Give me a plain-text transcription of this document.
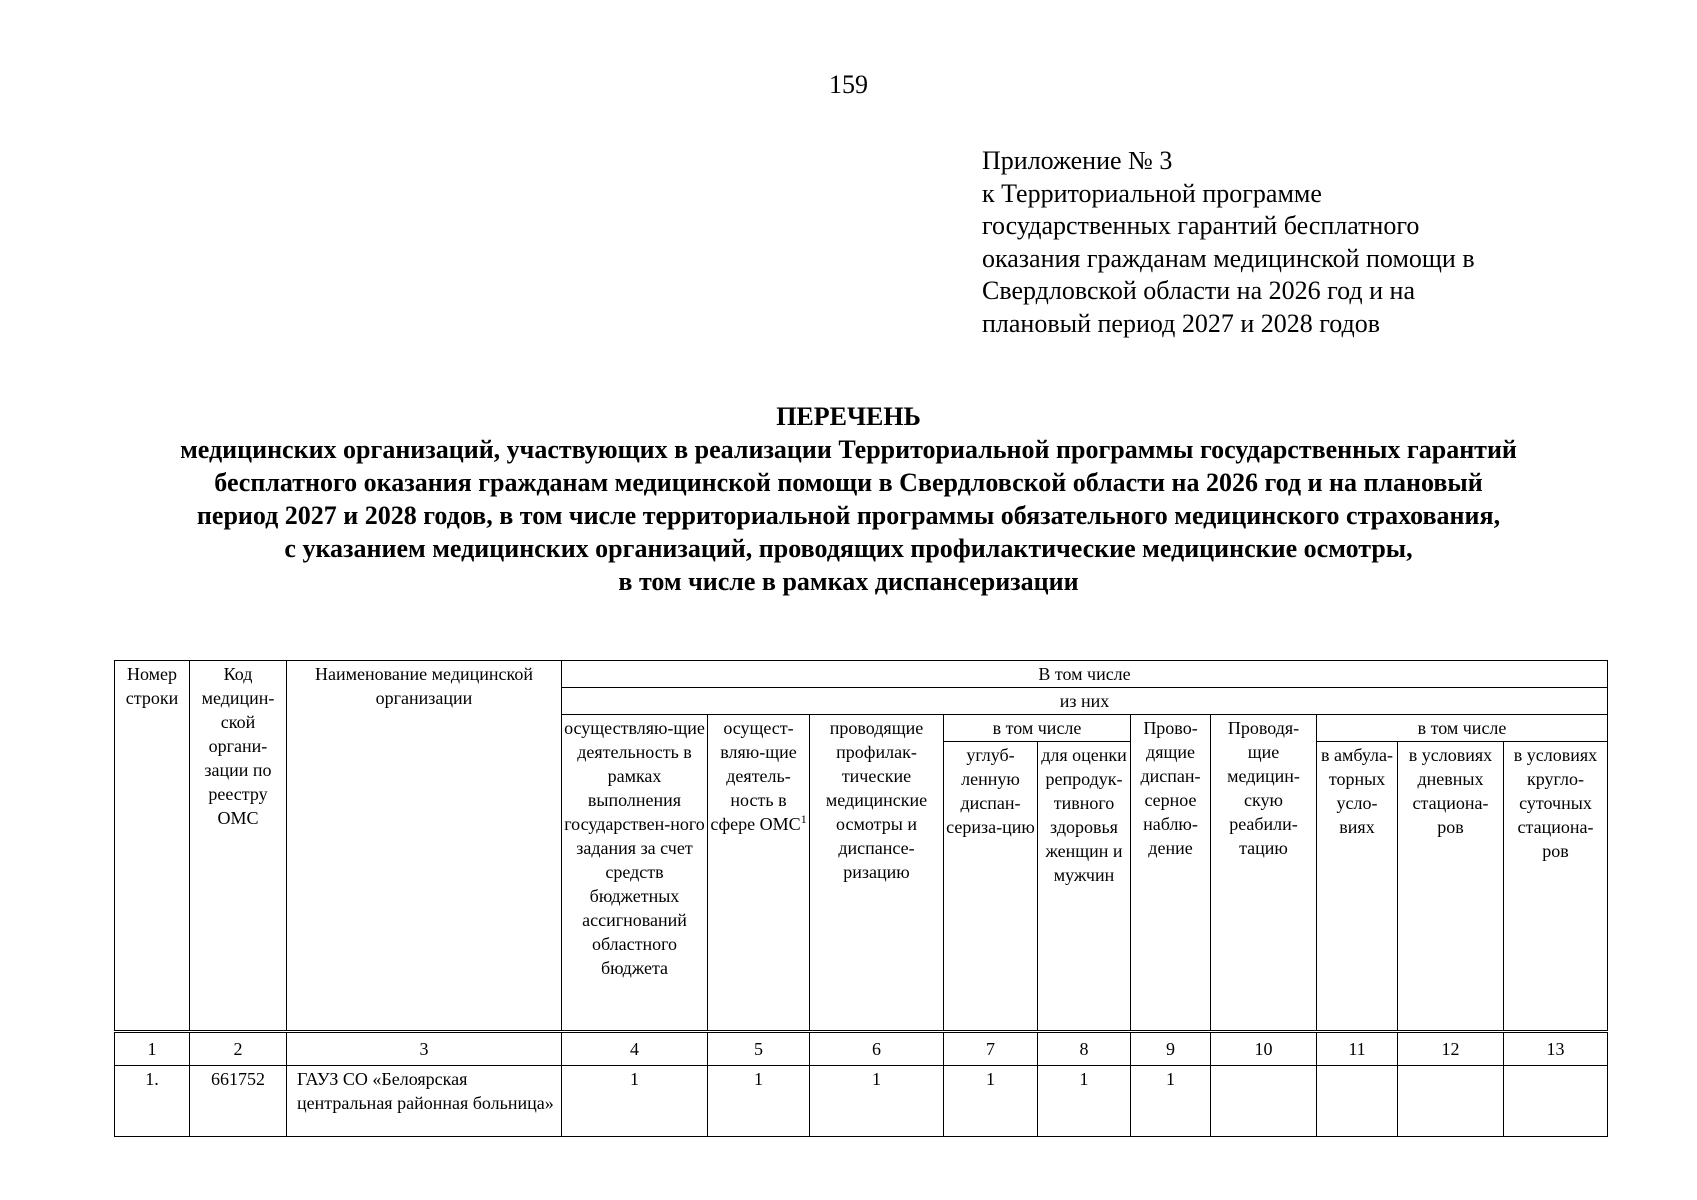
159
Приложение № 3
к Территориальной программе
государственных гарантий бесплатного
оказания гражданам медицинской помощи в
Свердловской области на 2026 год и на
плановый период 2027 и 2028 годов
ПЕРЕЧЕНЬ
медицинских организаций, участвующих в реализации Территориальной программы государственных гарантий
бесплатного оказания гражданам медицинской помощи в Свердловской области на 2026 год и на плановый
период 2027 и 2028 годов, в том числе территориальной программы обязательного медицинского страхования,
с указанием медицинских организаций, проводящих профилактические медицинские осмотры,
в том числе в рамках диспансеризации
Номер строки	Код медицин-ской органи-зации по реестру ОМС	Наименование медицинской организации	В том числе									
			из них									
			осуществляю-щие деятельность в рамках выполнения государствен-ного задания за счет средств бюджетных ассигнований областного бюджета	осущест-вляю-щие деятель-ность в сфере ОМС$^1$	проводящие профилак-тические медицинские осмотры и диспансе-ризацию	в том числе		Прово-дящие диспан-серное наблю-дение	Проводя-щие медицин-скую реабили-тацию	в том числе		
						углуб-ленную диспан-сериза-цию	для оценки репродук-тивного здоровья женщин и мужчин			в амбула-торных усло-виях	в условиях дневных стациона-ров	в условиях кругло-суточных стациона-ров
1	2	3	4	5	6	7	8	9	10	11	12	13
1.	661752	ГАУЗ СО «Белоярская центральная районная больница»	1	1	1	1	1	1				
